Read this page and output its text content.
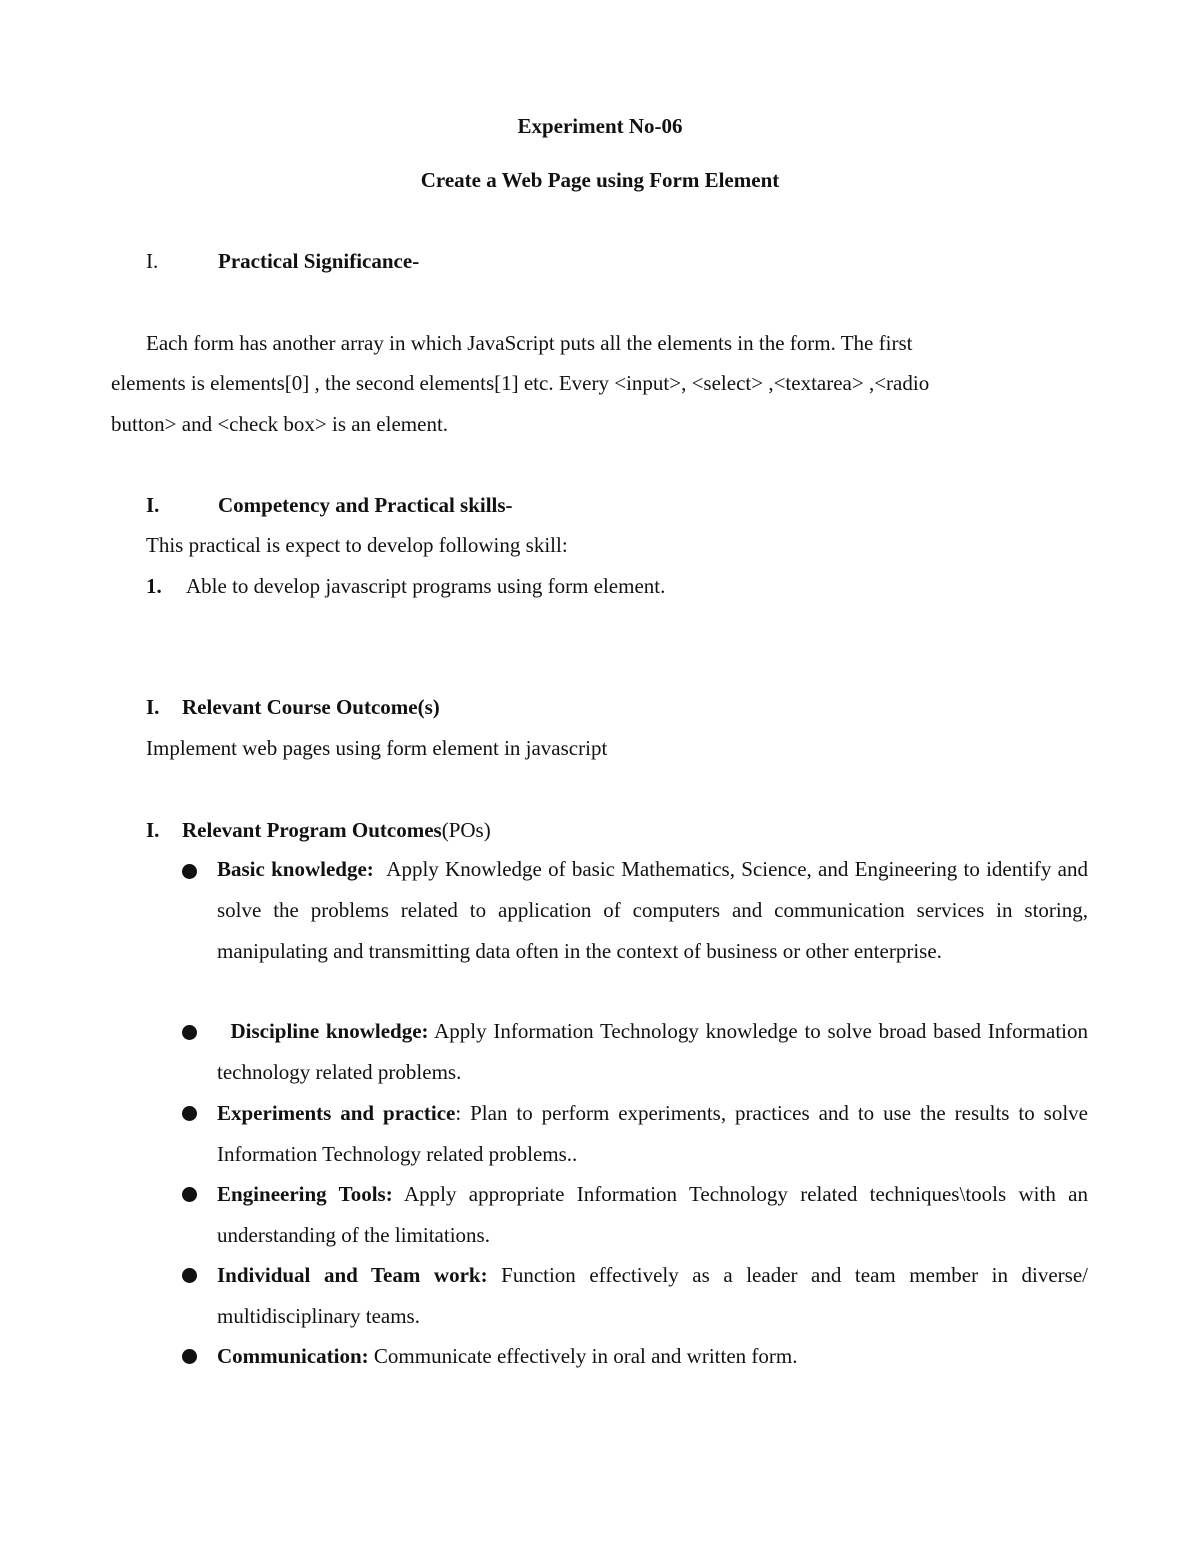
Experiment No-06
Create a Web Page using Form Element
I.	Practical Significance-
Each form has another array in which JavaScript puts all the elements in the form. The first
elements is elements[0] , the second elements[1] etc. Every <input>, <select> ,<textarea> ,<radio
button> and <check box> is an element.
I.	Competency and Practical skills-
This practical is expect to develop following skill:
1. Able to develop javascript programs using form element.
I. Relevant Course Outcome(s)
Implement web pages using form element in javascript
I. Relevant Program Outcomes(POs)
Basic knowledge: Apply Knowledge of basic Mathematics, Science, and Engineering to identify and solve the problems related to application of computers and communication services in storing, manipulating and transmitting data often in the context of business or other enterprise.
Discipline knowledge: Apply Information Technology knowledge to solve broad based Information technology related problems.
Experiments and practice: Plan to perform experiments, practices and to use the results to solve Information Technology related problems..
Engineering Tools: Apply appropriate Information Technology related techniques\tools with an understanding of the limitations.
Individual and Team work: Function effectively as a leader and team member in diverse/ multidisciplinary teams.
Communication: Communicate effectively in oral and written form.
